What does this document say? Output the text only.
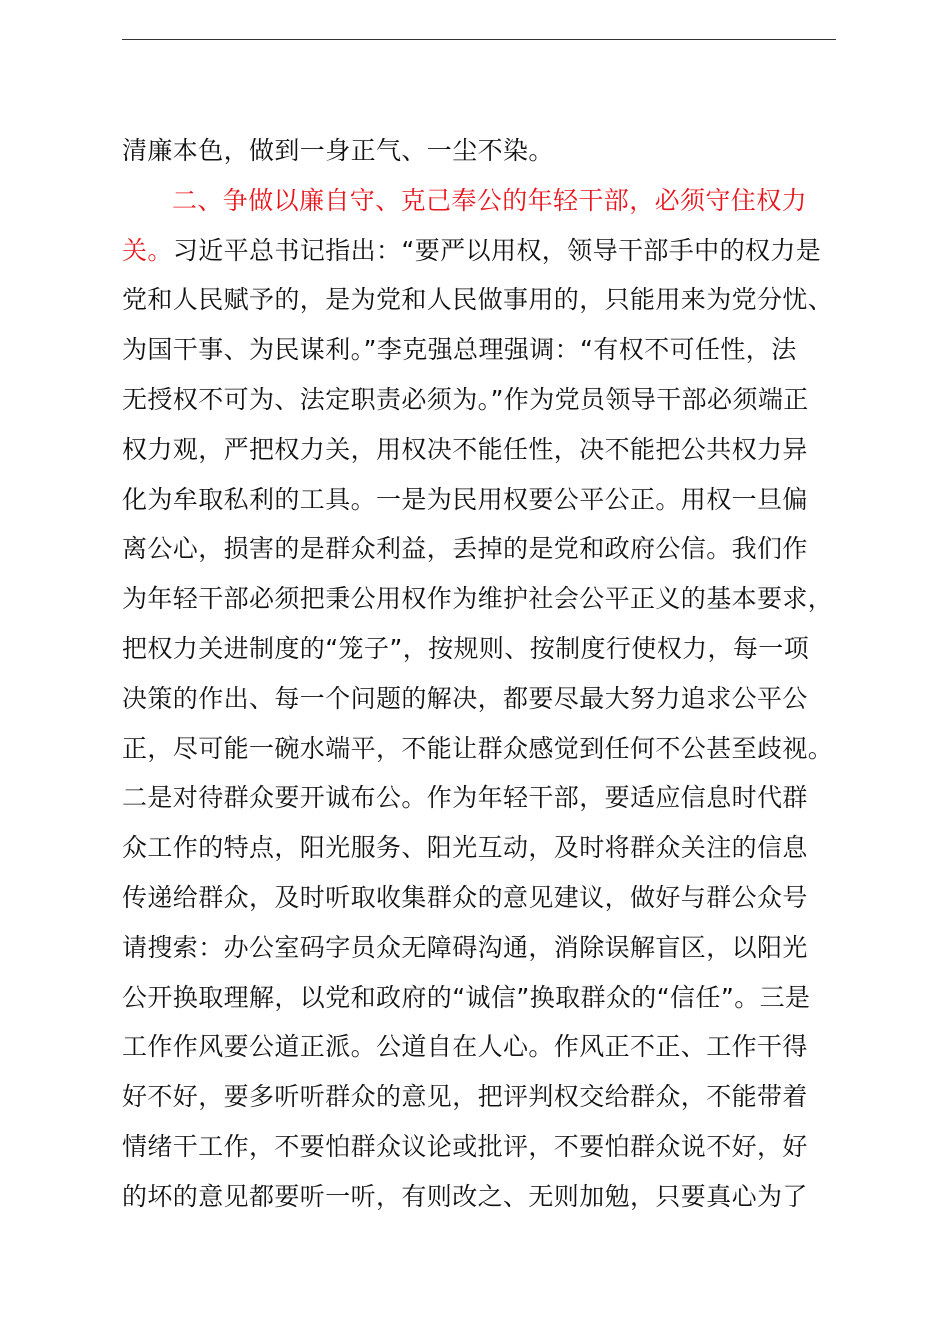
清廉本色，做到一身正气、一尘不染。
二、争做以廉自守、克己奉公的年轻干部，必须守住权力
关。习近平总书记指出：“要严以用权，领导干部手中的权力是
党和人民赋予的，是为党和人民做事用的，只能用来为党分忧、
为国干事、为民谋利。”李克强总理强调：“有权不可任性，法
无授权不可为、法定职责必须为。”作为党员领导干部必须端正
权力观，严把权力关，用权决不能任性，决不能把公共权力异
化为牟取私利的工具。一是为民用权要公平公正。用权一旦偏
离公心，损害的是群众利益，丢掉的是党和政府公信。我们作
为年轻干部必须把秉公用权作为维护社会公平正义的基本要求，
把权力关进制度的“笼子”，按规则、按制度行使权力，每一项
决策的作出、每一个问题的解决，都要尽最大努力追求公平公
正，尽可能一碗水端平，不能让群众感觉到任何不公甚至歧视。
二是对待群众要开诚布公。作为年轻干部，要适应信息时代群
众工作的特点，阳光服务、阳光互动，及时将群众关注的信息
传递给群众，及时听取收集群众的意见建议，做好与群公众号
请搜索：办公室码字员众无障碍沟通，消除误解盲区，以阳光
公开换取理解，以党和政府的“诚信”换取群众的“信任”。三是
工作作风要公道正派。公道自在人心。作风正不正、工作干得
好不好，要多听听群众的意见，把评判权交给群众，不能带着
情绪干工作，不要怕群众议论或批评，不要怕群众说不好，好
的坏的意见都要听一听，有则改之、无则加勉，只要真心为了
